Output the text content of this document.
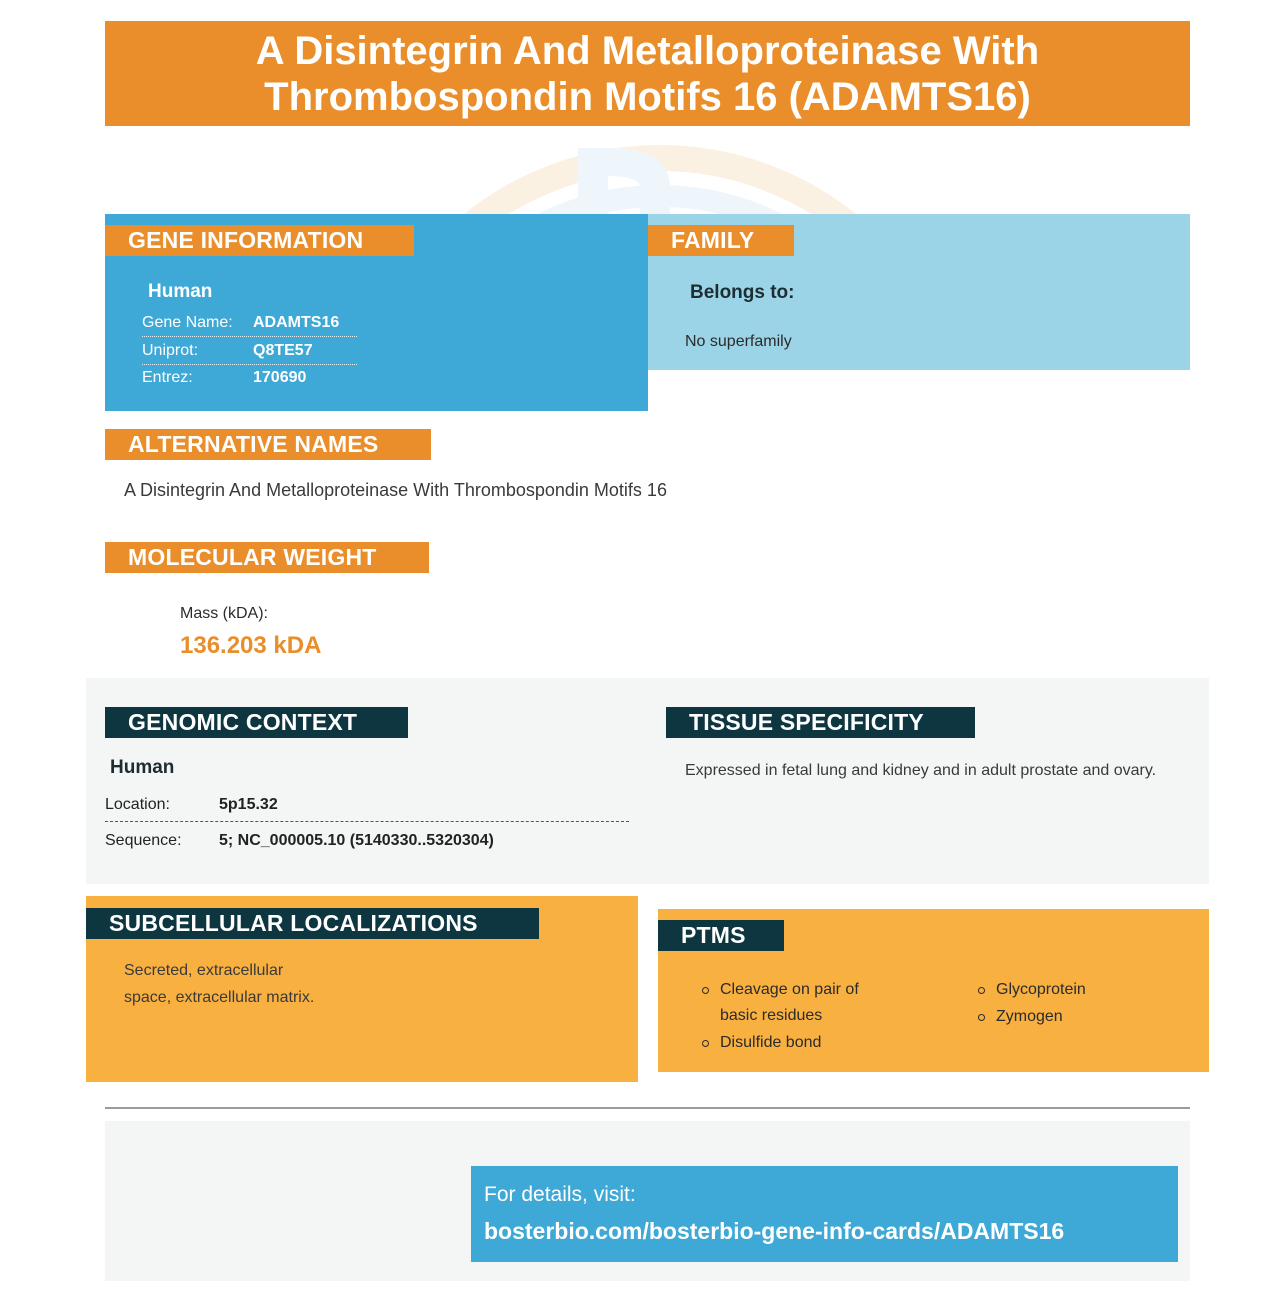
A Disintegrin And Metalloproteinase With Thrombospondin Motifs 16 (ADAMTS16)
GENE INFORMATION
Human
Gene Name:	ADAMTS16
Uniprot:	Q8TE57
Entrez:	170690
FAMILY
Belongs to:
No superfamily
ALTERNATIVE NAMES
A Disintegrin And Metalloproteinase With Thrombospondin Motifs 16
MOLECULAR WEIGHT
Mass (kDA):
136.203 kDA
GENOMIC CONTEXT
Human
Location:	5p15.32
Sequence:	5; NC_000005.10 (5140330..5320304)
TISSUE SPECIFICITY
Expressed in fetal lung and kidney and in adult prostate and ovary.
SUBCELLULAR LOCALIZATIONS
Secreted, extracellular space, extracellular matrix.
PTMS
Cleavage on pair of basic residues
Disulfide bond
Glycoprotein
Zymogen
For details, visit:
bosterbio.com/bosterbio-gene-info-cards/ADAMTS16
